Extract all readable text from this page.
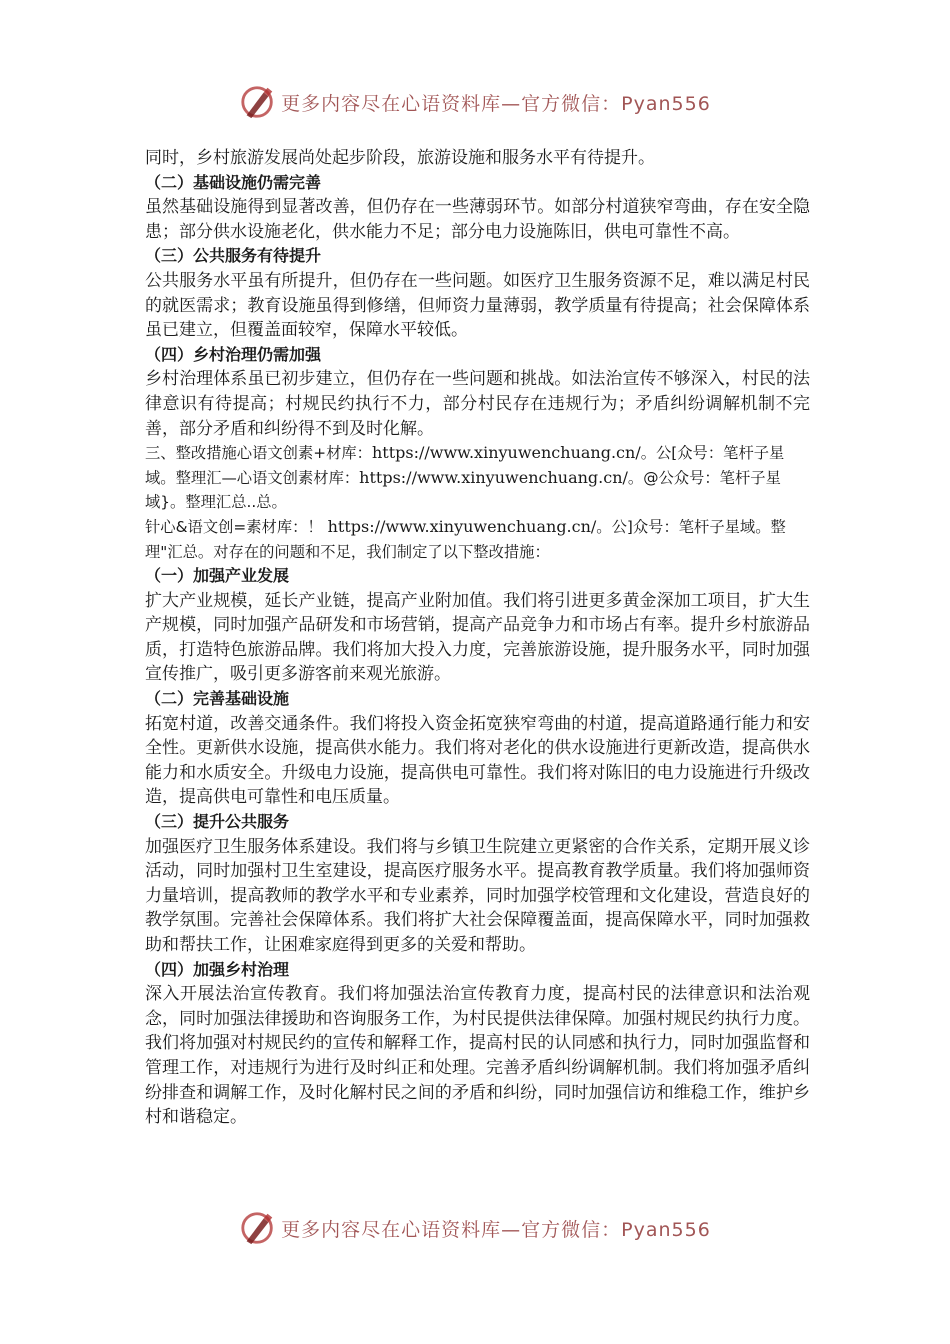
更多内容尽在心语资料库—官方微信：Pyan556

同时，乡村旅游发展尚处起步阶段，旅游设施和服务水平有待提升。

（二）基础设施仍需完善

虽然基础设施得到显著改善，但仍存在一些薄弱环节。如部分村道狭窄弯曲，存在安全隐患；部分供水设施老化，供水能力不足；部分电力设施陈旧，供电可靠性不高。

（三）公共服务有待提升

公共服务水平虽有所提升，但仍存在一些问题。如医疗卫生服务资源不足，难以满足村民的就医需求；教育设施虽得到修缮，但师资力量薄弱，教学质量有待提高；社会保障体系虽已建立，但覆盖面较窄，保障水平较低。

（四）乡村治理仍需加强

乡村治理体系虽已初步建立，但仍存在一些问题和挑战。如法治宣传不够深入，村民的法律意识有待提高；村规民约执行不力，部分村民存在违规行为；矛盾纠纷调解机制不完善，部分矛盾和纠纷得不到及时化解。

三、整改措施心语文创素+材库：https://www.xinyuwenchuang.cn/。公[众号：笔杆子星域。整理汇—心语文创素材库：https://www.xinyuwenchuang.cn/。@公众号：笔杆子星域}。整理汇总..总。

针心&语文创=素材库：！ https://www.xinyuwenchuang.cn/。公]众号：笔杆子星域。整理"汇总。对存在的问题和不足，我们制定了以下整改措施：

（一）加强产业发展

扩大产业规模，延长产业链，提高产业附加值。我们将引进更多黄金深加工项目，扩大生产规模，同时加强产品研发和市场营销，提高产品竞争力和市场占有率。提升乡村旅游品质，打造特色旅游品牌。我们将加大投入力度，完善旅游设施，提升服务水平，同时加强宣传推广，吸引更多游客前来观光旅游。

（二）完善基础设施

拓宽村道，改善交通条件。我们将投入资金拓宽狭窄弯曲的村道，提高道路通行能力和安全性。更新供水设施，提高供水能力。我们将对老化的供水设施进行更新改造，提高供水能力和水质安全。升级电力设施，提高供电可靠性。我们将对陈旧的电力设施进行升级改造，提高供电可靠性和电压质量。

（三）提升公共服务

加强医疗卫生服务体系建设。我们将与乡镇卫生院建立更紧密的合作关系，定期开展义诊活动，同时加强村卫生室建设，提高医疗服务水平。提高教育教学质量。我们将加强师资力量培训，提高教师的教学水平和专业素养，同时加强学校管理和文化建设，营造良好的教学氛围。完善社会保障体系。我们将扩大社会保障覆盖面，提高保障水平，同时加强救助和帮扶工作，让困难家庭得到更多的关爱和帮助。

（四）加强乡村治理

深入开展法治宣传教育。我们将加强法治宣传教育力度，提高村民的法律意识和法治观念，同时加强法律援助和咨询服务工作，为村民提供法律保障。加强村规民约执行力度。我们将加强对村规民约的宣传和解释工作，提高村民的认同感和执行力，同时加强监督和管理工作，对违规行为进行及时纠正和处理。完善矛盾纠纷调解机制。我们将加强矛盾纠纷排查和调解工作，及时化解村民之间的矛盾和纠纷，同时加强信访和维稳工作，维护乡村和谐稳定。

更多内容尽在心语资料库—官方微信：Pyan556
